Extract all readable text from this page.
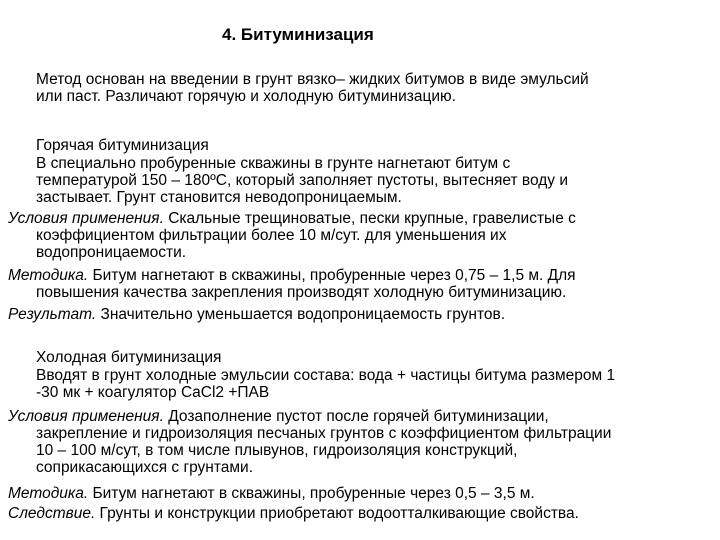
4. Битуминизация

Метод основан на введении в грунт вязко– жидких битумов в виде эмульсий
или паст. Различают горячую и холодную битуминизацию.

Горячая битуминизация

В специально пробуренные скважины в грунте нагнетают битум с
температурой 150 – 180ºС, который заполняет пустоты, вытесняет воду и
застывает. Грунт становится неводопроницаемым.

Условия применения. Скальные трещиноватые, пески крупные, гравелистые с
коэффициентом фильтрации более 10 м/сут. для уменьшения их
водопроницаемости.

Методика. Битум нагнетают в скважины, пробуренные через 0,75 – 1,5 м. Для
повышения качества закрепления производят холодную битуминизацию.

Результат. Значительно уменьшается водопроницаемость грунтов.

Холодная битуминизация

Вводят в грунт холодные эмульсии состава: вода + частицы битума размером 1
-30 мк + коагулятор CaCl2 +ПАВ

Условия применения. Дозаполнение пустот после горячей битуминизации,
закрепление и гидроизоляция песчаных грунтов с коэффициентом фильтрации
10 – 100 м/сут, в том числе плывунов, гидроизоляция конструкций,
соприкасающихся с грунтами.

Методика. Битум нагнетают в скважины, пробуренные через 0,5 – 3,5 м.

Следствие. Грунты и конструкции приобретают водоотталкивающие свойства.
